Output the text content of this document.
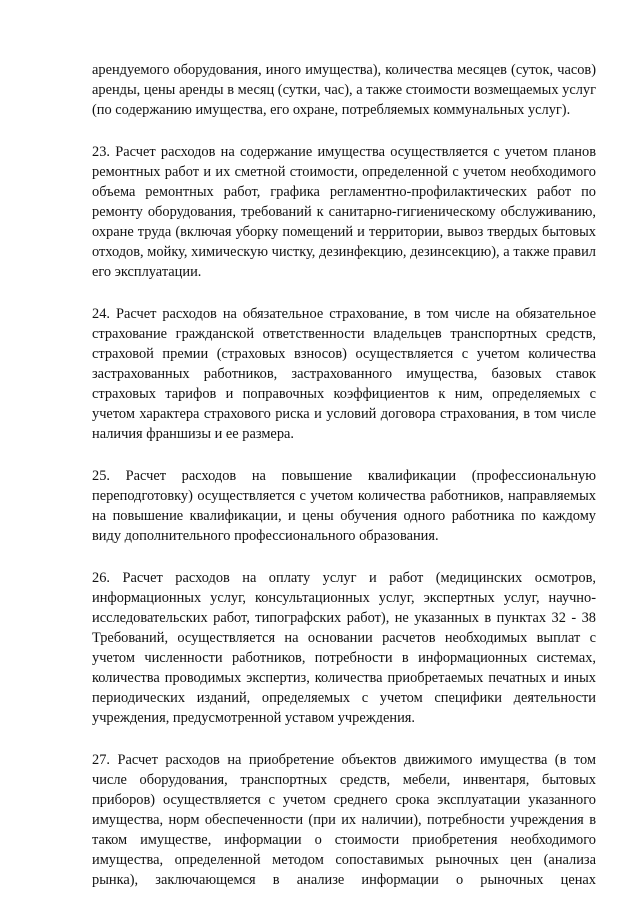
арендуемого оборудования, иного имущества), количества месяцев (суток, часов) аренды, цены аренды в месяц (сутки, час), а также стоимости возмещаемых услуг (по содержанию имущества, его охране, потребляемых коммунальных услуг).

23. Расчет расходов на содержание имущества осуществляется с учетом планов ремонтных работ и их сметной стоимости, определенной с учетом необходимого объема ремонтных работ, графика регламентно-профилактических работ по ремонту оборудования, требований к санитарно-гигиеническому обслуживанию, охране труда (включая уборку помещений и территории, вывоз твердых бытовых отходов, мойку, химическую чистку, дезинфекцию, дезинсекцию), а также правил его эксплуатации.

24. Расчет расходов на обязательное страхование, в том числе на обязательное страхование гражданской ответственности владельцев транспортных средств, страховой премии (страховых взносов) осуществляется с учетом количества застрахованных работников, застрахованного имущества, базовых ставок страховых тарифов и поправочных коэффициентов к ним, определяемых с учетом характера страхового риска и условий договора страхования, в том числе наличия франшизы и ее размера.

25. Расчет расходов на повышение квалификации (профессиональную переподготовку) осуществляется с учетом количества работников, направляемых на повышение квалификации, и цены обучения одного работника по каждому виду дополнительного профессионального образования.

26. Расчет расходов на оплату услуг и работ (медицинских осмотров, информационных услуг, консультационных услуг, экспертных услуг, научно-исследовательских работ, типографских работ), не указанных в пунктах 32 - 38 Требований, осуществляется на основании расчетов необходимых выплат с учетом численности работников, потребности в информационных системах, количества проводимых экспертиз, количества приобретаемых печатных и иных периодических изданий, определяемых с учетом специфики деятельности учреждения, предусмотренной уставом учреждения.

27. Расчет расходов на приобретение объектов движимого имущества (в том числе оборудования, транспортных средств, мебели, инвентаря, бытовых приборов) осуществляется с учетом среднего срока эксплуатации указанного имущества, норм обеспеченности (при их наличии), потребности учреждения в таком имуществе, информации о стоимости приобретения необходимого имущества, определенной методом сопоставимых рыночных цен (анализа рынка), заключающемся в анализе информации о рыночных ценах
